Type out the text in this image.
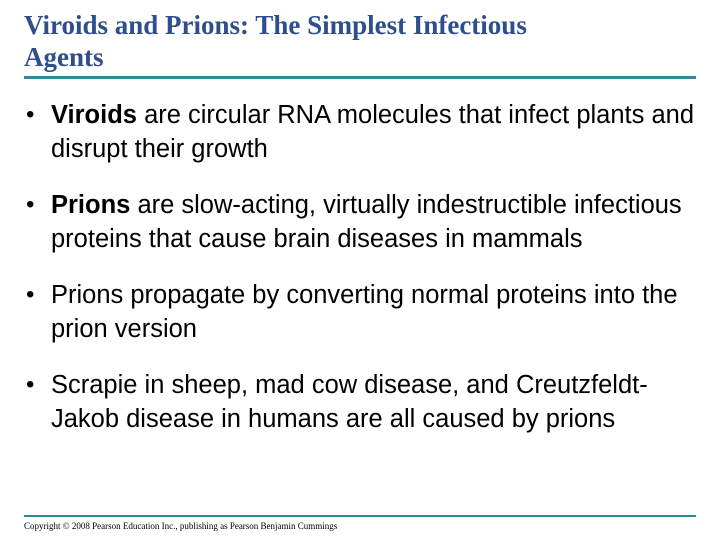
Viroids and Prions: The Simplest Infectious
Agents
• Viroids are circular RNA molecules that infect plants and disrupt their growth
• Prions are slow-acting, virtually indestructible infectious proteins that cause brain diseases in mammals
• Prions propagate by converting normal proteins into the prion version
• Scrapie in sheep, mad cow disease, and Creutzfeldt-Jakob disease in humans are all caused by prions
Copyright © 2008 Pearson Education Inc., publishing as Pearson Benjamin Cummings
